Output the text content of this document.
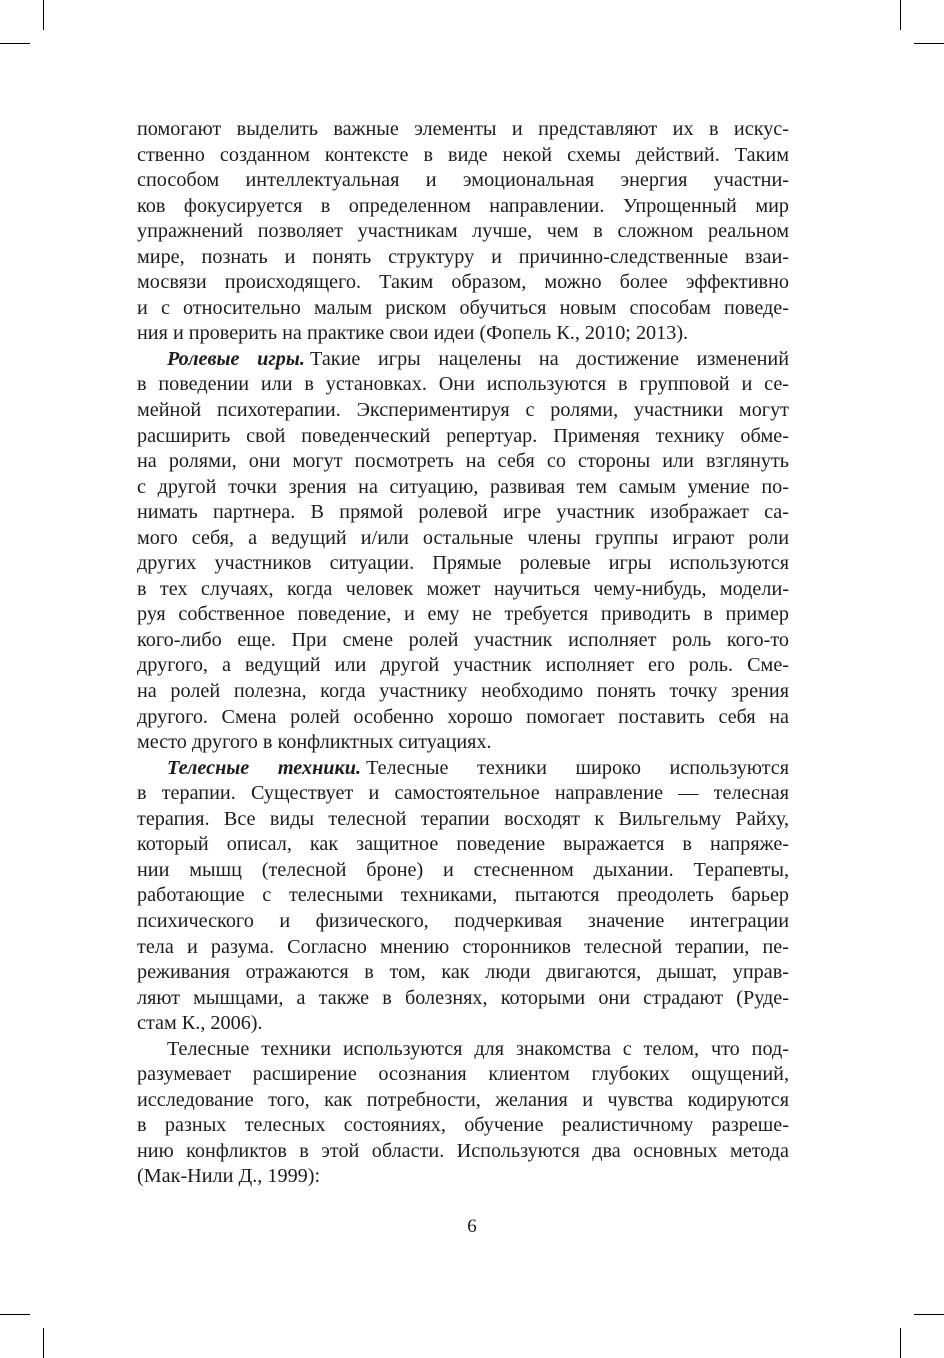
помогают выделить важные элементы и представляют их в искус-
ственно созданном контексте в виде некой схемы действий. Таким
способом интеллектуальная и эмоциональная энергия участни-
ков фокусируется в определенном направлении. Упрощенный мир
упражнений позволяет участникам лучше, чем в сложном реальном
мире, познать и понять структуру и причинно-следственные взаи-
мосвязи происходящего. Таким образом, можно более эффективно
и с относительно малым риском обучиться новым способам поведе-
ния и проверить на практике свои идеи (Фопель К., 2010; 2013).
Ролевые игры. Такие игры нацелены на достижение изменений
в поведении или в установках. Они используются в групповой и се-
мейной психотерапии. Экспериментируя с ролями, участники могут
расширить свой поведенческий репертуар. Применяя технику обме-
на ролями, они могут посмотреть на себя со стороны или взглянуть
с другой точки зрения на ситуацию, развивая тем самым умение по-
нимать партнера. В прямой ролевой игре участник изображает са-
мого себя, а ведущий и/или остальные члены группы играют роли
других участников ситуации. Прямые ролевые игры используются
в тех случаях, когда человек может научиться чему-нибудь, модели-
руя собственное поведение, и ему не требуется приводить в пример
кого-либо еще. При смене ролей участник исполняет роль кого-то
другого, а ведущий или другой участник исполняет его роль. Сме-
на ролей полезна, когда участнику необходимо понять точку зрения
другого. Смена ролей особенно хорошо помогает поставить себя на
место другого в конфликтных ситуациях.
Телесные техники. Телесные техники широко используются
в терапии. Существует и самостоятельное направление — телесная
терапия. Все виды телесной терапии восходят к Вильгельму Райху,
который описал, как защитное поведение выражается в напряже-
нии мышц (телесной броне) и стесненном дыхании. Терапевты,
работающие с телесными техниками, пытаются преодолеть барьер
психического и физического, подчеркивая значение интеграции
тела и разума. Согласно мнению сторонников телесной терапии, пе-
реживания отражаются в том, как люди двигаются, дышат, управ-
ляют мышцами, а также в болезнях, которыми они страдают (Руде-
стам К., 2006).
Телесные техники используются для знакомства с телом, что под-
разумевает расширение осознания клиентом глубоких ощущений,
исследование того, как потребности, желания и чувства кодируются
в разных телесных состояниях, обучение реалистичному разреше-
нию конфликтов в этой области. Используются два основных метода
(Мак-Нили Д., 1999):
6
